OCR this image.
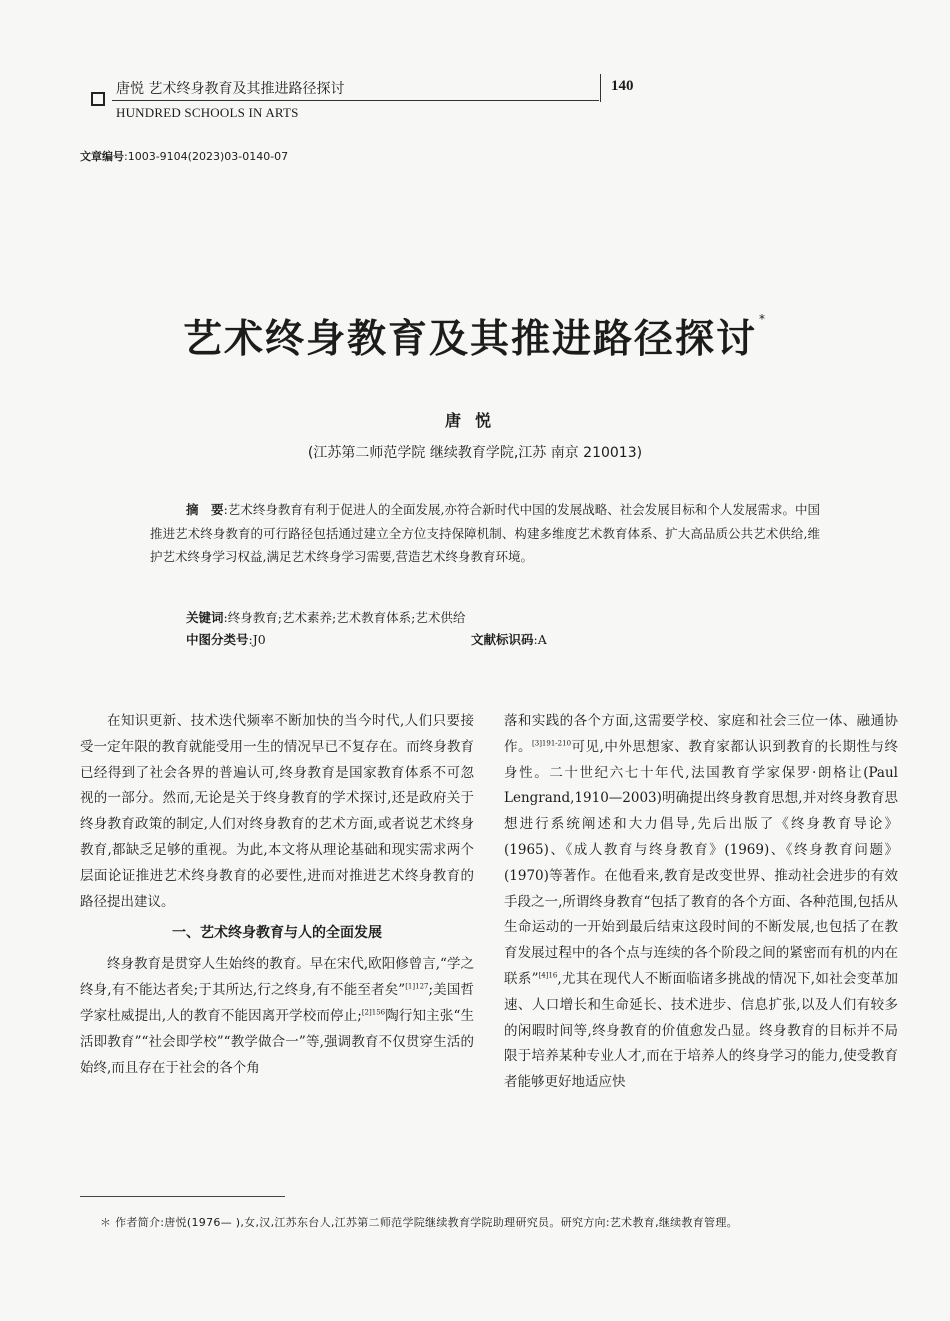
唐悦 艺术终身教育及其推进路径探讨	140
HUNDRED SCHOOLS IN ARTS
文章编号:1003-9104(2023)03-0140-07
艺术终身教育及其推进路径探讨 *
唐悦
(江苏第二师范学院 继续教育学院,江苏 南京 210013)
摘　要:艺术终身教育有利于促进人的全面发展,亦符合新时代中国的发展战略、社会发展目标和个人发展需求。中国推进艺术终身教育的可行路径包括通过建立全方位支持保障机制、构建多维度艺术教育体系、扩大高品质公共艺术供给,维护艺术终身学习权益,满足艺术终身学习需要,营造艺术终身教育环境。
关键词:终身教育;艺术素养;艺术教育体系;艺术供给
中图分类号:J0	文献标识码:A

在知识更新、技术迭代频率不断加快的当今时代,人们只要接受一定年限的教育就能受用一生的情况早已不复存在。而终身教育已经得到了社会各界的普遍认可,终身教育是国家教育体系不可忽视的一部分。然而,无论是关于终身教育的学术探讨,还是政府关于终身教育政策的制定,人们对终身教育的艺术方面,或者说艺术终身教育,都缺乏足够的重视。为此,本文将从理论基础和现实需求两个层面论证推进艺术终身教育的必要性,进而对推进艺术终身教育的路径提出建议。

一、艺术终身教育与人的全面发展

终身教育是贯穿人生始终的教育。早在宋代,欧阳修曾言,“学之终身,有不能达者矣;于其所达,行之终身,有不能至者矣”$^{[1]127}$;美国哲学家杜威提出,人的教育不能因离开学校而停止;$^{[2]156}$陶行知主张“生活即教育”“社会即学校”“教学做合一”等,强调教育不仅贯穿生活的始终,而且存在于社会的各个角

落和实践的各个方面,这需要学校、家庭和社会三位一体、融通协作。$^{[3]191-210}$可见,中外思想家、教育家都认识到教育的长期性与终身性。二十世纪六七十年代,法国教育学家保罗·朗格让(Paul Lengrand,1910—2003)明确提出终身教育思想,并对终身教育思想进行系统阐述和大力倡导,先后出版了《终身教育导论》(1965)、《成人教育与终身教育》(1969)、《终身教育问题》(1970)等著作。在他看来,教育是改变世界、推动社会进步的有效手段之一,所谓终身教育“包括了教育的各个方面、各种范围,包括从生命运动的一开始到最后结束这段时间的不断发展,也包括了在教育发展过程中的各个点与连续的各个阶段之间的紧密而有机的内在联系”$^{[4]16}$,尤其在现代人不断面临诸多挑战的情况下,如社会变革加速、人口增长和生命延长、技术进步、信息扩张,以及人们有较多的闲暇时间等,终身教育的价值愈发凸显。终身教育的目标并不局限于培养某种专业人才,而在于培养人的终身学习的能力,使受教育者能够更好地适应快

＊ 作者简介:唐悦(1976— ),女,汉,江苏东台人,江苏第二师范学院继续教育学院助理研究员。研究方向:艺术教育,继续教育管理。
